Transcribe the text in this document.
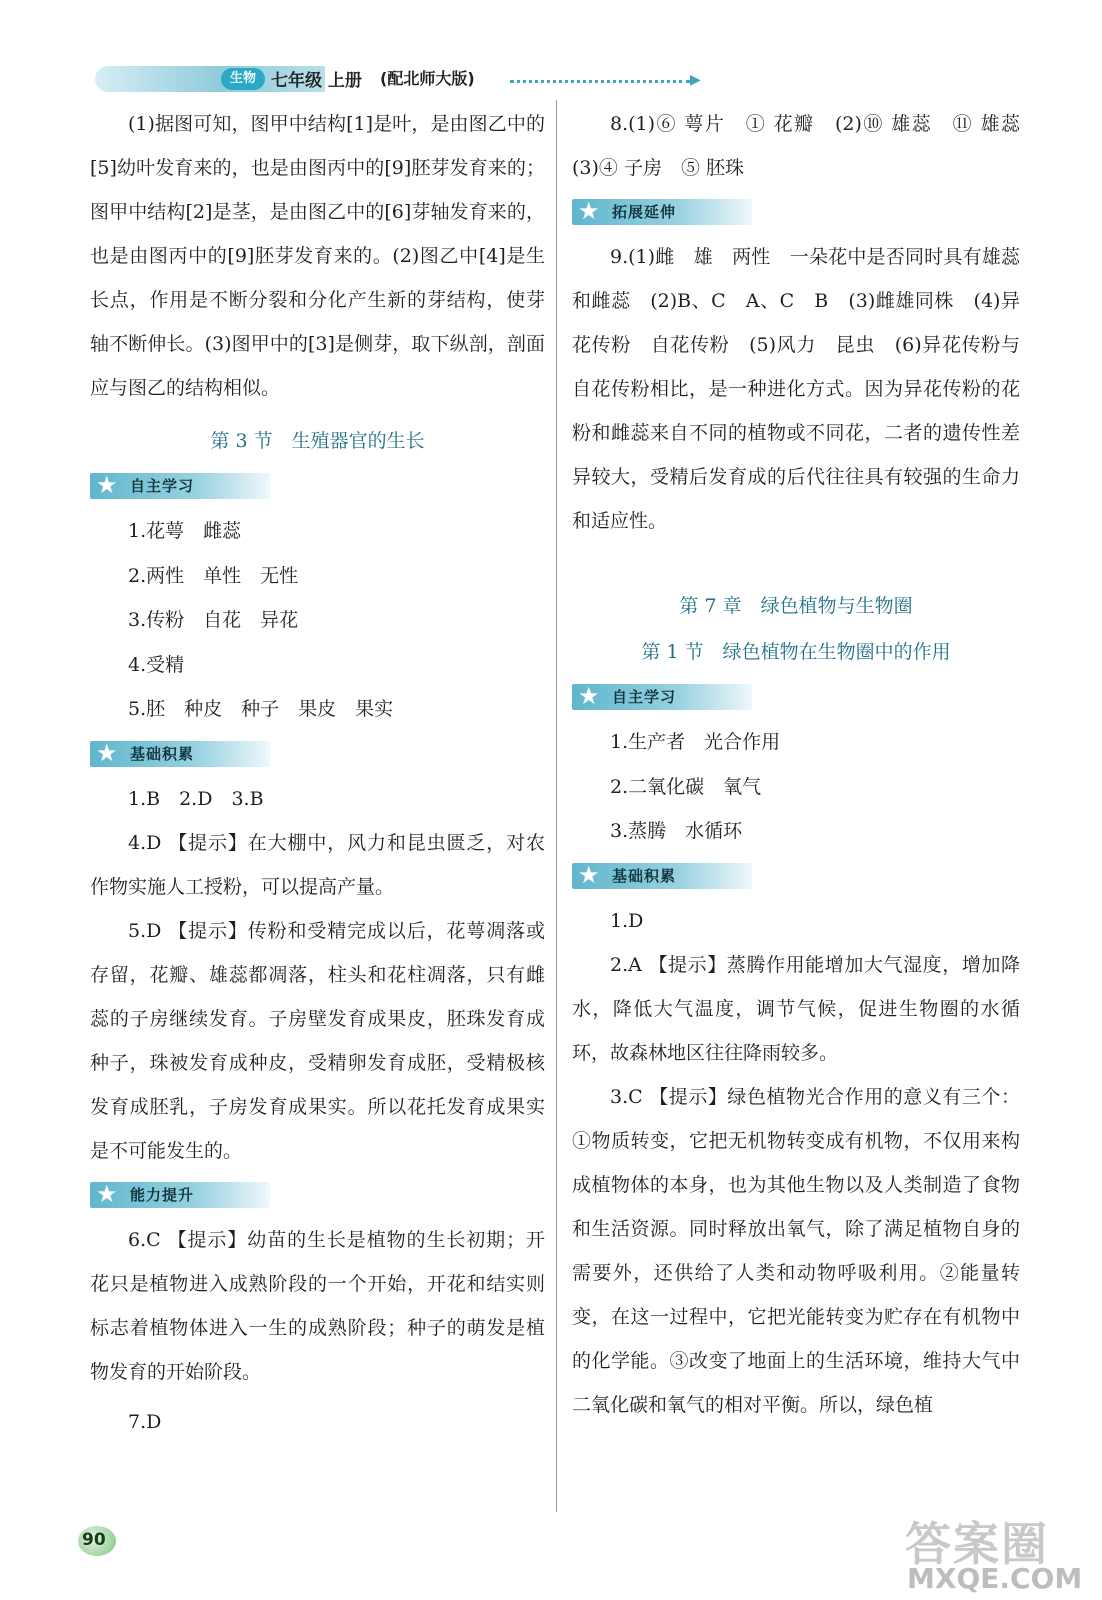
生物 七年级 上册 (配北师大版)	▶

(1)据图可知，图甲中结构[1]是叶，是由图乙中的[5]幼叶发育来的，也是由图丙中的[9]胚芽发育来的；图甲中结构[2]是茎，是由图乙中的[6]芽轴发育来的，也是由图丙中的[9]胚芽发育来的。(2)图乙中[4]是生长点，作用是不断分裂和分化产生新的芽结构，使芽轴不断伸长。(3)图甲中的[3]是侧芽，取下纵剖，剖面应与图乙的结构相似。

第 3 节　生殖器官的生长
★ 自主学习

1.花萼　雌蕊

2.两性　单性　无性

3.传粉　自花　异花

4.受精

5.胚　种皮　种子　果皮　果实

★ 基础积累

1.B　2.D　3.B

4.D 【提示】在大棚中，风力和昆虫匮乏，对农作物实施人工授粉，可以提高产量。

5.D 【提示】传粉和受精完成以后，花萼凋落或存留，花瓣、雄蕊都凋落，柱头和花柱凋落，只有雌蕊的子房继续发育。子房壁发育成果皮，胚珠发育成种子，珠被发育成种皮，受精卵发育成胚，受精极核发育成胚乳，子房发育成果实。所以花托发育成果实是不可能发生的。

★ 能力提升

6.C 【提示】幼苗的生长是植物的生长初期；开花只是植物进入成熟阶段的一个开始，开花和结实则标志着植物体进入一生的成熟阶段；种子的萌发是植物发育的开始阶段。

7.D

8.(1)⑥ 萼片　① 花瓣　(2)⑩ 雄蕊　⑪ 雄蕊　(3)④ 子房　⑤ 胚珠

★ 拓展延伸

9.(1)雌　雄　两性　一朵花中是否同时具有雄蕊和雌蕊　(2)B、C　A、C　B　(3)雌雄同株　(4)异花传粉　自花传粉　(5)风力　昆虫　(6)异花传粉与自花传粉相比，是一种进化方式。因为异花传粉的花粉和雌蕊来自不同的植物或不同花，二者的遗传性差异较大，受精后发育成的后代往往具有较强的生命力和适应性。

第 7 章　绿色植物与生物圈
第 1 节　绿色植物在生物圈中的作用
★ 自主学习

1.生产者　光合作用

2.二氧化碳　氧气

3.蒸腾　水循环

★ 基础积累

1.D

2.A 【提示】蒸腾作用能增加大气湿度，增加降水，降低大气温度，调节气候，促进生物圈的水循环，故森林地区往往降雨较多。

3.C 【提示】绿色植物光合作用的意义有三个：①物质转变，它把无机物转变成有机物，不仅用来构成植物体的本身，也为其他生物以及人类制造了食物和生活资源。同时释放出氧气，除了满足植物自身的需要外，还供给了人类和动物呼吸利用。②能量转变，在这一过程中，它把光能转变为贮存在有机物中的化学能。③改变了地面上的生活环境，维持大气中二氧化碳和氧气的相对平衡。所以，绿色植

90	答案圈
MXQE.COM
